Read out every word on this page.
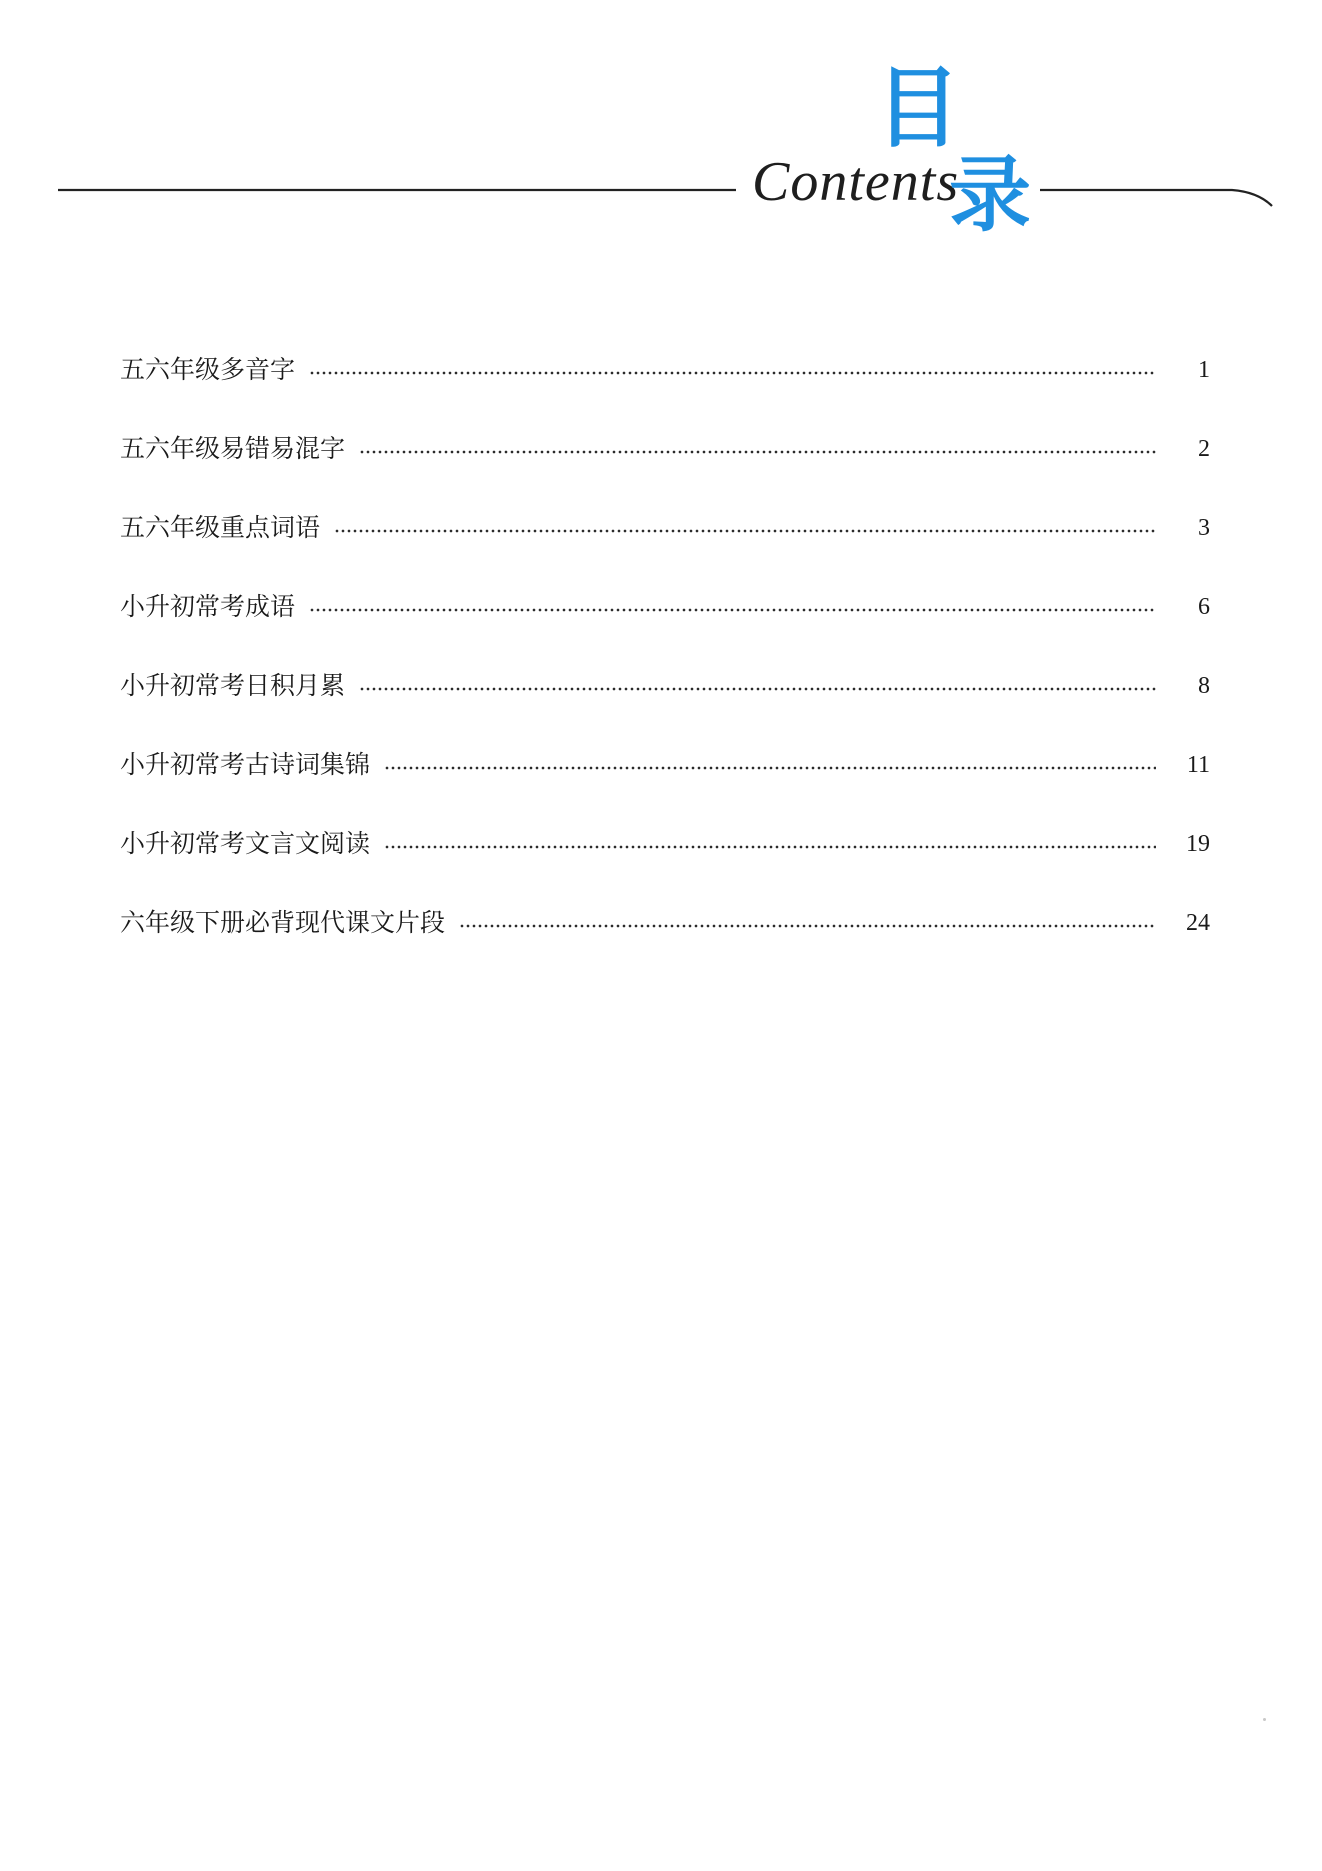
Contents
目
录
五六年级多音字	1
五六年级易错易混字	2
五六年级重点词语	3
小升初常考成语	6
小升初常考日积月累	8
小升初常考古诗词集锦	11
小升初常考文言文阅读	19
六年级下册必背现代课文片段	24
